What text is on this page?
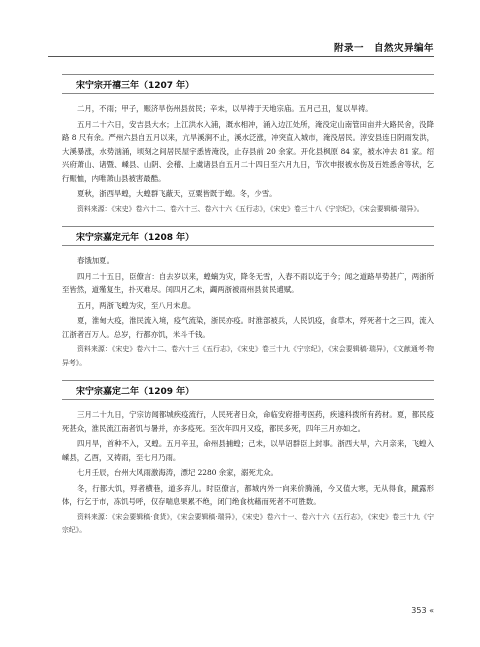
附录一　自然灾异编年
宋宁宗开禧三年（1207 年）

二月，不雨；甲子，赈济旱伤州县贫民；辛未，以旱祷于天地宗庙。五月己丑，复以旱祷。

五月二十六日，安吉县大水；上江洪水入浦，溉水相冲，涌入边江处所，淹没定山南管田亩并大路民舍，没降路 8 尺有余。严州六县自五月以来，亢旱溪涧不止，溪水泛涨，冲突直入城市，淹没居民。淳安县连日阴雨发洪，大溪暴涨，水势汹涌，顷刻之间居民屋宇悉皆淹没，止存县前 20 余家。开化县枫原 84 家，被水冲去 81 家。绍兴府萧山、诸暨、嵊县、山阴、会稽、上虞诸县自五月二十四日至六月九日，节次申报被水伤及百姓悉舍等状，乞行赈恤，内唯萧山县被害最酷。

夏秋，浙西旱蝗，大蝗群飞蔽天，豆粟皆既于蝗。冬，少雪。

资料来源：《宋史》卷六十二、卷六十三、卷六十六《五行志》，《宋史》卷三十八《宁宗纪》，《宋会要辑稿·瑞异》。

宋宁宗嘉定元年（1208 年）

春饿加夏。

四月二十五日，臣僚言：自去岁以来，蝗螭为灾，降冬无雪，入春不雨以迄于今；闻之道路旱势甚广，两浙所至皆然，道殣复生，扑灭难尽。闰四月乙未，蠲两浙被雨州县贫民逋赋。

五月，两浙飞蝗为灾，至八月未息。

夏，淮甸大疫，淮民流入境，疫气流染，浙民亦疫。时淮部被兵，人民饥疫，食草木，殍死者十之三四，流入江浙者百万人。总岁，行都亦饥，米斗千钱。

资料来源：《宋史》卷六十二、卷六十三《五行志》，《宋史》卷三十九《宁宗纪》，《宋会要辑稿·瑞异》，《文献通考·物异考》。

宋宁宗嘉定二年（1209 年）

三月二十九日，宁宗访闻都城疾疫流行，人民死者日众，命临安府措考医药，疾速科拨所有药材。夏，都民疫死甚众，淮民流江南者饥与暑并，亦多疫死。至次年四月又疫，都民多死，四年三月亦如之。

四月旱，首种不入，又蝗。五月辛丑，命州县捕蝗；己未，以旱诏群臣上封事。浙西大旱，六月亲来，飞蝗入嵊县，乙酉，又祷雨，至七月乃雨。

七月壬辰，台州大风雨激海涛，漂圮 2280 余家，溺死尤众。

冬，行都大饥，殍者横巷，道多弃儿。时臣僚言，都城内外一向来价腾涌，今又值大寒，无从得食，蹴露形体，行乞于市，冻饥号呼，仅存喘息果累不绝，闭门绝食枕藉而死者不可胜数。

资料来源：《宋会要辑稿·食货》，《宋会要辑稿·瑞异》，《宋史》卷六十一、卷六十六《五行志》，《宋史》卷三十九《宁宗纪》。

353 «
